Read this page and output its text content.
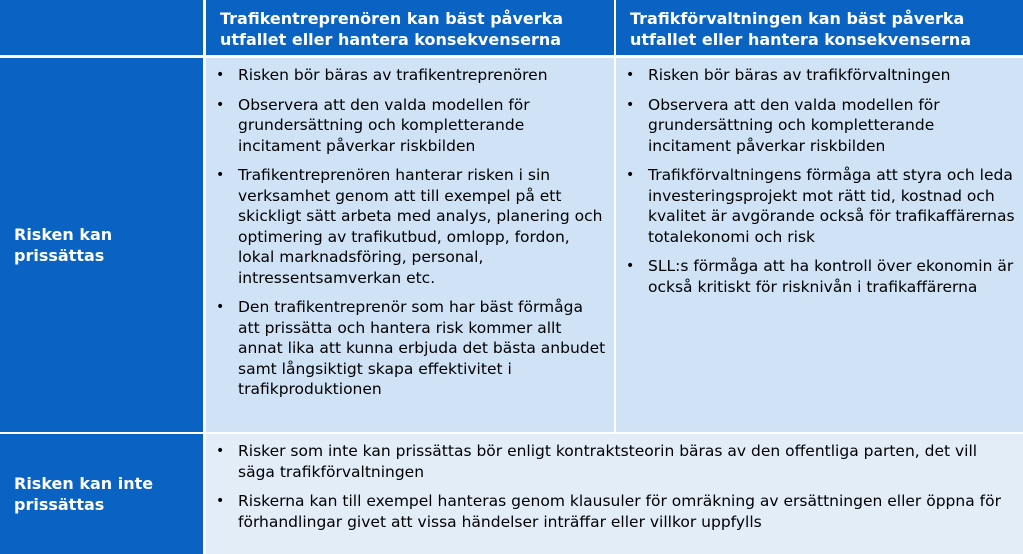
Trafikentreprenören kan bäst påverka utfallet eller hantera konsekvenserna
Trafikförvaltningen kan bäst påverka utfallet eller hantera konsekvenserna
Risken kan prissättas
• Risken bör bäras av trafikentreprenören
• Observera att den valda modellen för grundersättning och kompletterande incitament påverkar riskbilden
• Trafikentreprenören hanterar risken i sin verksamhet genom att till exempel på ett skickligt sätt arbeta med analys, planering och optimering av trafikutbud, omlopp, fordon, lokal marknadsföring, personal, intressentsamverkan etc.
• Den trafikentreprenör som har bäst förmåga att prissätta och hantera risk kommer allt annat lika att kunna erbjuda det bästa anbudet samt långsiktigt skapa effektivitet i trafikproduktionen
• Risken bör bäras av trafikförvaltningen
• Observera att den valda modellen för grundersättning och kompletterande incitament påverkar riskbilden
• Trafikförvaltningens förmåga att styra och leda investeringsprojekt mot rätt tid, kostnad och kvalitet är avgörande också för trafikaffärernas totalekonomi och risk
• SLL:s förmåga att ha kontroll över ekonomin är också kritiskt för risknivån i trafikaffärerna
Risken kan inte prissättas
• Risker som inte kan prissättas bör enligt kontraktsteorin bäras av den offentliga parten, det vill säga trafikförvaltningen
• Riskerna kan till exempel hanteras genom klausuler för omräkning av ersättningen eller öppna för förhandlingar givet att vissa händelser inträffar eller villkor uppfylls
